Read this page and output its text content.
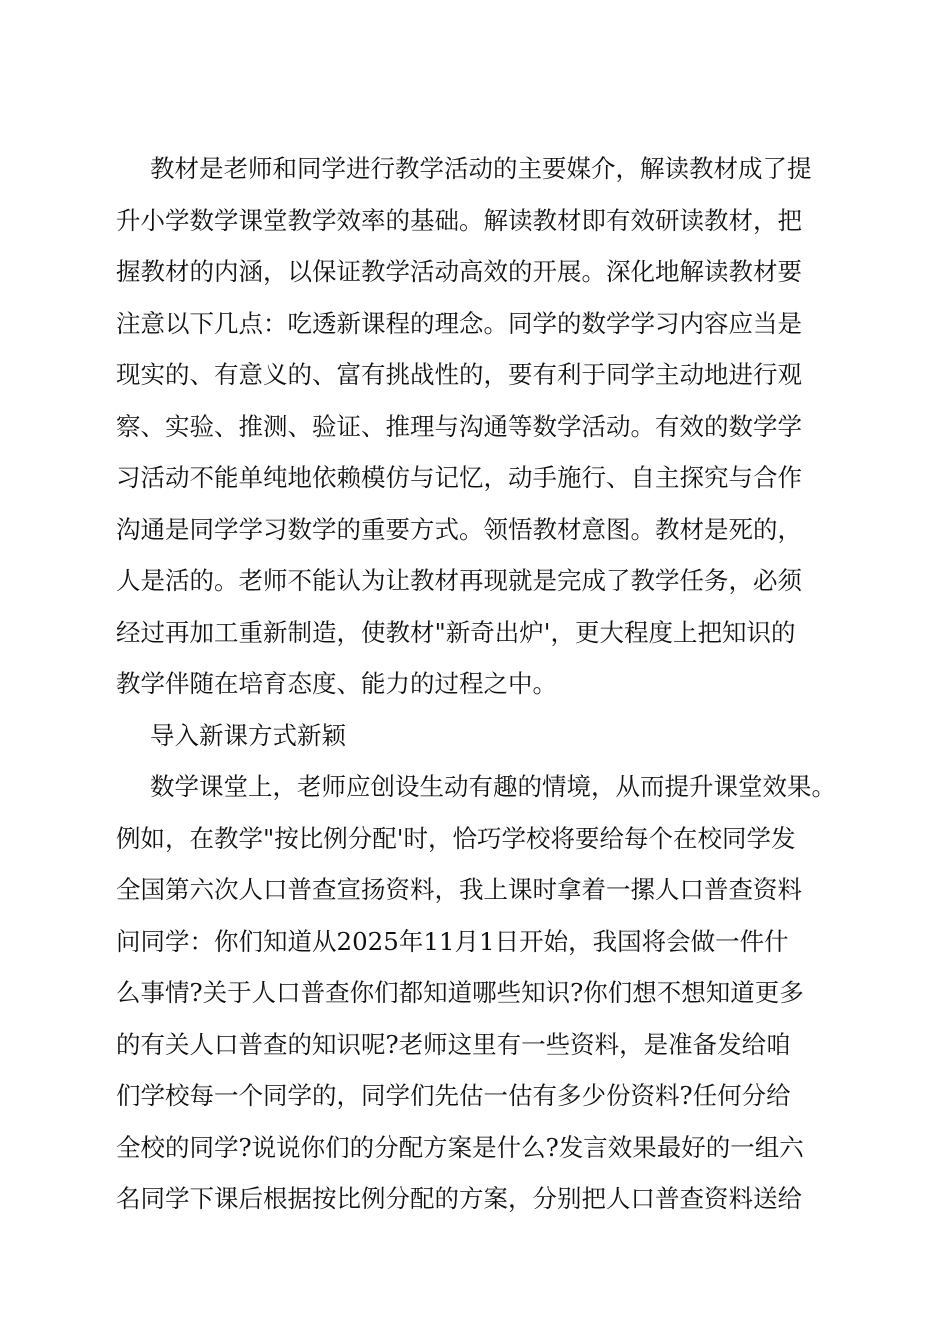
教材是老师和同学进行教学活动的主要媒介，解读教材成了提
升小学数学课堂教学效率的基础。解读教材即有效研读教材，把
握教材的内涵，以保证教学活动高效的开展。深化地解读教材要
注意以下几点：吃透新课程的理念。同学的数学学习内容应当是
现实的、有意义的、富有挑战性的，要有利于同学主动地进行观
察、实验、推测、验证、推理与沟通等数学活动。有效的数学学
习活动不能单纯地依赖模仿与记忆，动手施行、自主探究与合作
沟通是同学学习数学的重要方式。领悟教材意图。教材是死的，
人是活的。老师不能认为让教材再现就是完成了教学任务，必须
经过再加工重新制造，使教材"新奇出炉'，更大程度上把知识的
教学伴随在培育态度、能力的过程之中。
导入新课方式新颖
数学课堂上，老师应创设生动有趣的情境，从而提升课堂效果。
例如，在教学"按比例分配'时，恰巧学校将要给每个在校同学发
全国第六次人口普查宣扬资料，我上课时拿着一摞人口普查资料
问同学：你们知道从2025年11月1日开始，我国将会做一件什
么事情?关于人口普查你们都知道哪些知识?你们想不想知道更多
的有关人口普查的知识呢?老师这里有一些资料，是准备发给咱
们学校每一个同学的，同学们先估一估有多少份资料?任何分给
全校的同学?说说你们的分配方案是什么?发言效果最好的一组六
名同学下课后根据按比例分配的方案，分别把人口普查资料送给
